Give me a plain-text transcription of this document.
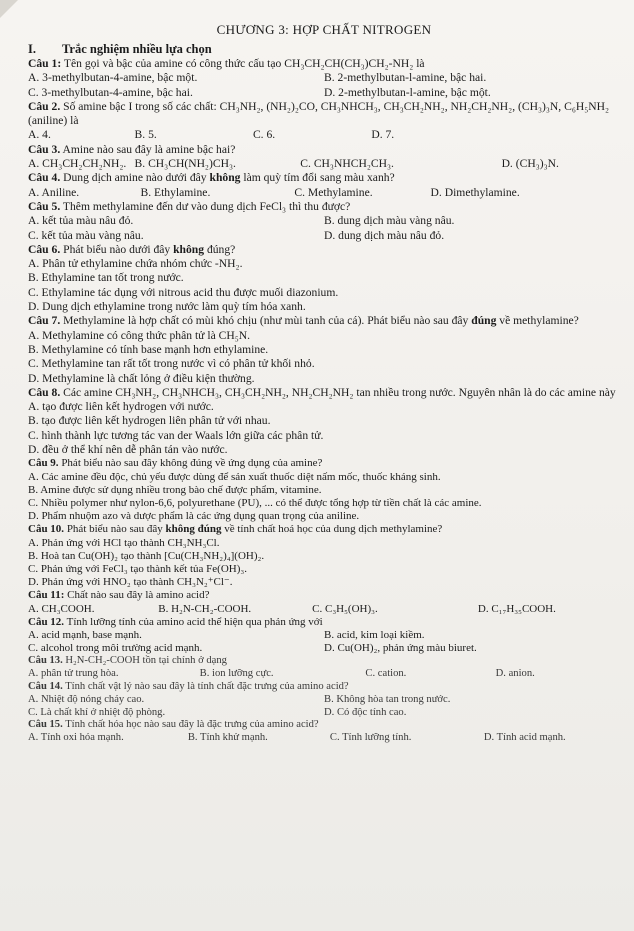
CHƯƠNG 3: HỢP CHẤT NITROGEN

I. Trắc nghiệm nhiều lựa chọn

Câu 1: Tên gọi và bậc của amine có công thức cấu tạo CH₃CH₂CH(CH₃)CH₂-NH₂ là

A. 3-methylbutan-4-amine, bậc một.	B. 2-methylbutan-l-amine, bậc hai.
C. 3-methylbutan-4-amine, bậc hai.	D. 2-methylbutan-l-amine, bậc một.

Câu 2. Số amine bậc I trong số các chất: CH₃NH₂, (NH₂)₂CO, CH₃NHCH₃, CH₃CH₂NH₂, NH₂CH₂NH₂, (CH₃)₃N, C₆H₅NH₂ (aniline) là

A. 4.	B. 5.	C. 6.	D. 7.

Câu 3. Amine nào sau đây là amine bậc hai?

A. CH₃CH₂CH₂NH₂. B. CH₃CH(NH₂)CH₃.	C. CH₃NHCH₂CH₃.	D. (CH₃)₃N.

Câu 4. Dung dịch amine nào dưới đây không làm quỳ tím đổi sang màu xanh?

A. Aniline.	B. Ethylamine.	C. Methylamine.	D. Dimethylamine.

Câu 5. Thêm methylamine đến dư vào dung dịch FeCl₃ thì thu được?

A. kết tủa màu nâu đỏ.	B. dung dịch màu vàng nâu.
C. kết tủa màu vàng nâu.	D. dung dịch màu nâu đỏ.

Câu 6. Phát biểu nào dưới đây không đúng?

A. Phân tử ethylamine chứa nhóm chức -NH₂.
B. Ethylamine tan tốt trong nước.
C. Ethylamine tác dụng với nitrous acid thu được muối diazonium.
D. Dung dịch ethylamine trong nước làm quỳ tím hóa xanh.

Câu 7. Methylamine là hợp chất có mùi khó chịu (như mùi tanh của cá). Phát biểu nào sau đây đúng về methylamine?

A. Methylamine có công thức phân tử là CH₅N.
B. Methylamine có tính base mạnh hơn ethylamine.
C. Methylamine tan rất tốt trong nước vì có phân tử khối nhỏ.
D. Methylamine là chất lỏng ở điều kiện thường.

Câu 8. Các amine CH₃NH₂, CH₃NHCH₃, CH₃CH₂NH₂, NH₂CH₂NH₂ tan nhiều trong nước. Nguyên nhân là do các amine này

A. tạo được liên kết hydrogen với nước.
B. tạo được liên kết hydrogen liên phân tử với nhau.
C. hình thành lực tương tác van der Waals lớn giữa các phân tử.
D. đều ở thể khí nên dễ phân tán vào nước.

Câu 9. Phát biểu nào sau đây không đúng về ứng dụng của amine?

A. Các amine đều độc, chủ yếu được dùng để sản xuất thuốc diệt nấm mốc, thuốc kháng sinh.
B. Amine được sử dụng nhiều trong bào chế được phẩm, vitamine.
C. Nhiều polymer như nylon-6,6, polyurethane (PU), ... có thể được tổng hợp từ tiền chất là các amine.
D. Phẩm nhuộm azo và dược phẩm là các ứng dụng quan trọng của aniline.

Câu 10. Phát biểu nào sau đây không đúng về tính chất hoá học của dung dịch methylamine?

A. Phản ứng với HCl tạo thành CH₃NH₃Cl.
B. Hoà tan Cu(OH)₂ tạo thành [Cu(CH₃NH₂)₄](OH)₂.
C. Phản ứng với FeCl₃ tạo thành kết tủa Fe(OH)₃.
D. Phản ứng với HNO₂ tạo thành CH₃N₂⁺Cl⁻.

Câu 11: Chất nào sau đây là amino acid?

A. CH₃COOH.	B. H₂N-CH₂-COOH.	C. C₃H₅(OH)₃.	D. C₁₇H₃₅COOH.

Câu 12. Tính lưỡng tính của amino acid thể hiện qua phản ứng với

A. acid mạnh, base mạnh.	B. acid, kim loại kiềm.
C. alcohol trong môi trường acid mạnh.	D. Cu(OH)₂, phản ứng màu biuret.

Câu 13. H₂N-CH₂-COOH tồn tại chính ở dạng

A. phân tử trung hòa.	B. ion lưỡng cực.	C. cation.	D. anion.

Câu 14. Tính chất vật lý nào sau đây là tính chất đặc trưng của amino acid?

A. Nhiệt độ nóng chảy cao.	B. Không hòa tan trong nước.
C. Là chất khí ở nhiệt độ phòng.	D. Có độc tính cao.

Câu 15. Tính chất hóa học nào sau đây là đặc trưng của amino acid?

A. Tính oxi hóa mạnh.	B. Tính khử mạnh.	C. Tính lưỡng tính.	D. Tính acid mạnh.
